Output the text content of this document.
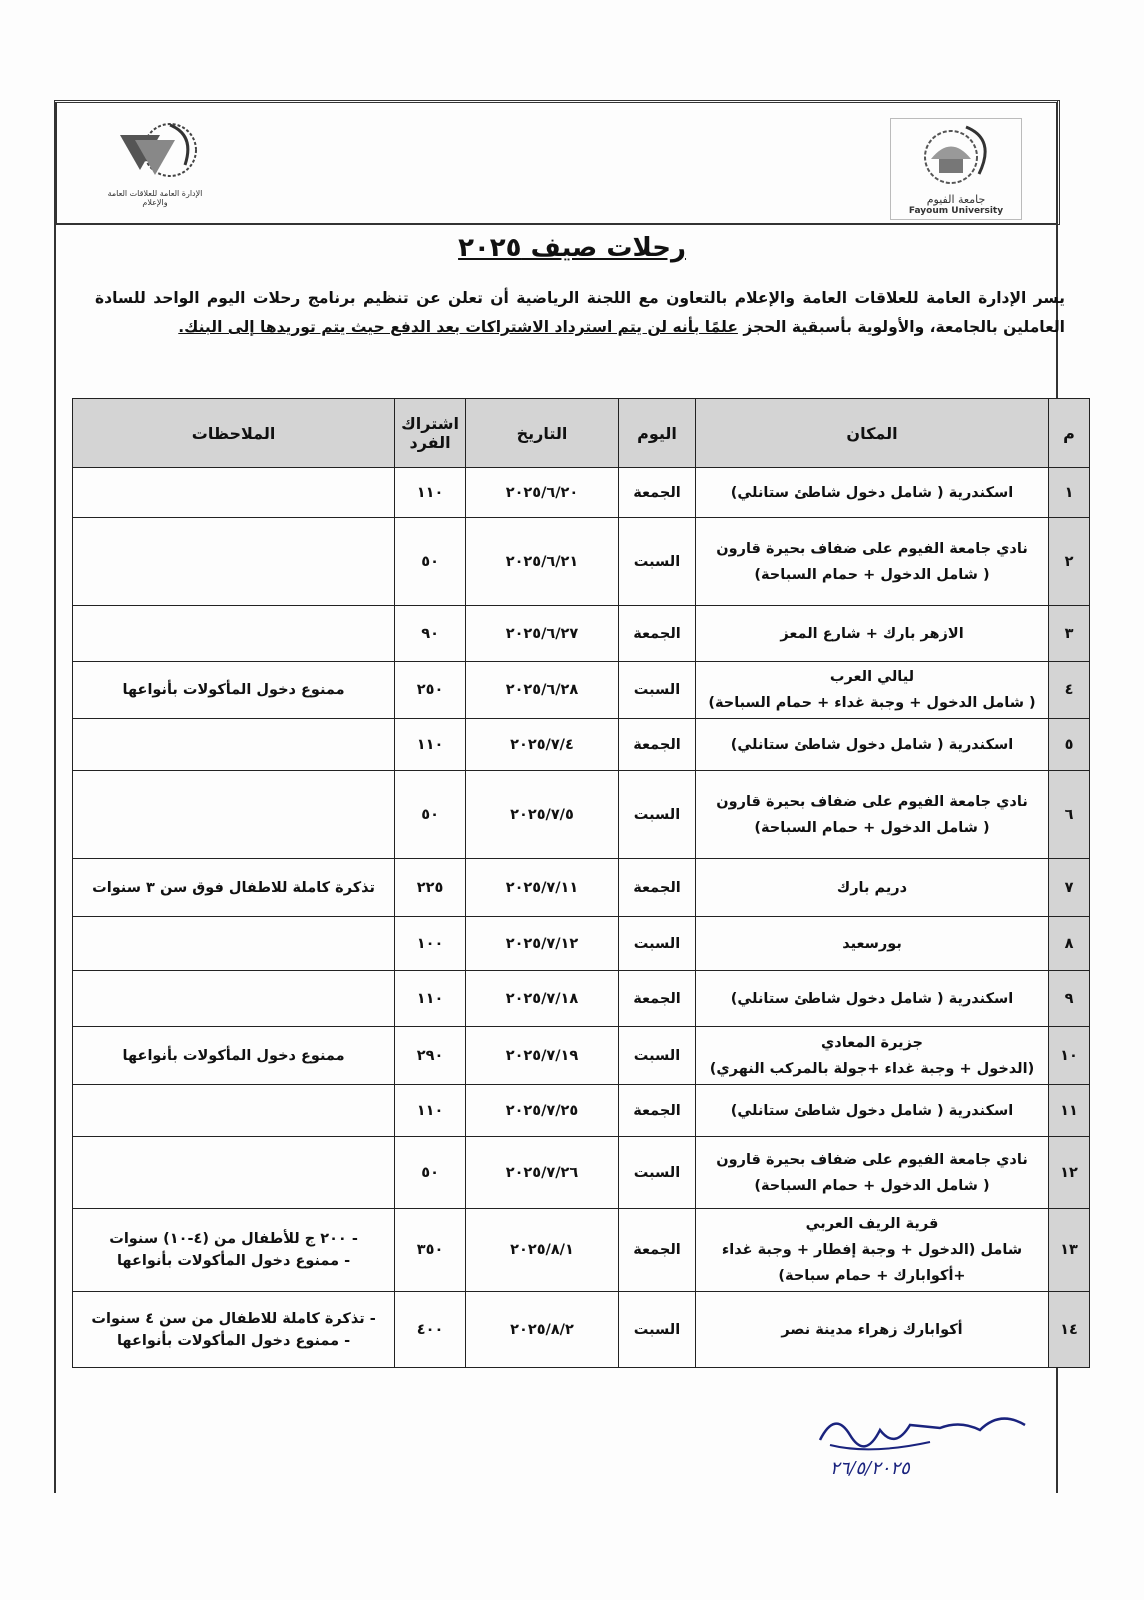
الإدارة العامة للعلاقات العامة والإعلام	جامعة الفيوم
Fayoum University
رحلات صيف ٢٠٢٥
يسر الإدارة العامة للعلاقات العامة والإعلام بالتعاون مع اللجنة الرياضية أن تعلن عن تنظيم برنامج رحلات اليوم الواحد للسادة العاملين بالجامعة، والأولوية بأسبقية الحجز علمًا بأنه لن يتم استرداد الاشتراكات بعد الدفع حيث يتم توريدها إلى البنك.
م	المكان	اليوم	التاريخ	اشتراك الفرد	الملاحظات
١	اسكندرية ( شامل دخول شاطئ ستانلي)	الجمعة	٢٠٢٥/٦/٢٠	١١٠	
٢	نادي جامعة الفيوم على ضفاف بحيرة قارون
( شامل الدخول + حمام السباحة)	السبت	٢٠٢٥/٦/٢١	٥٠	
٣	الازهر بارك + شارع المعز	الجمعة	٢٠٢٥/٦/٢٧	٩٠	
٤	ليالي العرب
( شامل الدخول + وجبة غداء + حمام السباحة)	السبت	٢٠٢٥/٦/٢٨	٢٥٠	ممنوع دخول المأكولات بأنواعها
٥	اسكندرية ( شامل دخول شاطئ ستانلي)	الجمعة	٢٠٢٥/٧/٤	١١٠	
٦	نادي جامعة الفيوم على ضفاف بحيرة قارون
( شامل الدخول + حمام السباحة)	السبت	٢٠٢٥/٧/٥	٥٠	
٧	دريم بارك	الجمعة	٢٠٢٥/٧/١١	٢٢٥	تذكرة كاملة للاطفال فوق سن ٣ سنوات
٨	بورسعيد	السبت	٢٠٢٥/٧/١٢	١٠٠	
٩	اسكندرية ( شامل دخول شاطئ ستانلي)	الجمعة	٢٠٢٥/٧/١٨	١١٠	
١٠	جزيرة المعادي
(الدخول + وجبة غداء +جولة بالمركب النهري)	السبت	٢٠٢٥/٧/١٩	٢٩٠	ممنوع دخول المأكولات بأنواعها
١١	اسكندرية ( شامل دخول شاطئ ستانلي)	الجمعة	٢٠٢٥/٧/٢٥	١١٠	
١٢	نادي جامعة الفيوم على ضفاف بحيرة قارون
( شامل الدخول + حمام السباحة)	السبت	٢٠٢٥/٧/٢٦	٥٠	
١٣	قرية الريف العربي
شامل (الدخول + وجبة إفطار + وجبة غداء
+أكوابارك + حمام سباحة)	الجمعة	٢٠٢٥/٨/١	٣٥٠	- ٢٠٠ ج للأطفال من (٤-١٠) سنوات
- ممنوع دخول المأكولات بأنواعها
١٤	أكوابارك زهراء مدينة نصر	السبت	٢٠٢٥/٨/٢	٤٠٠	- تذكرة كاملة للاطفال من سن ٤ سنوات
- ممنوع دخول المأكولات بأنواعها
٢٦/٥/٢٠٢٥
